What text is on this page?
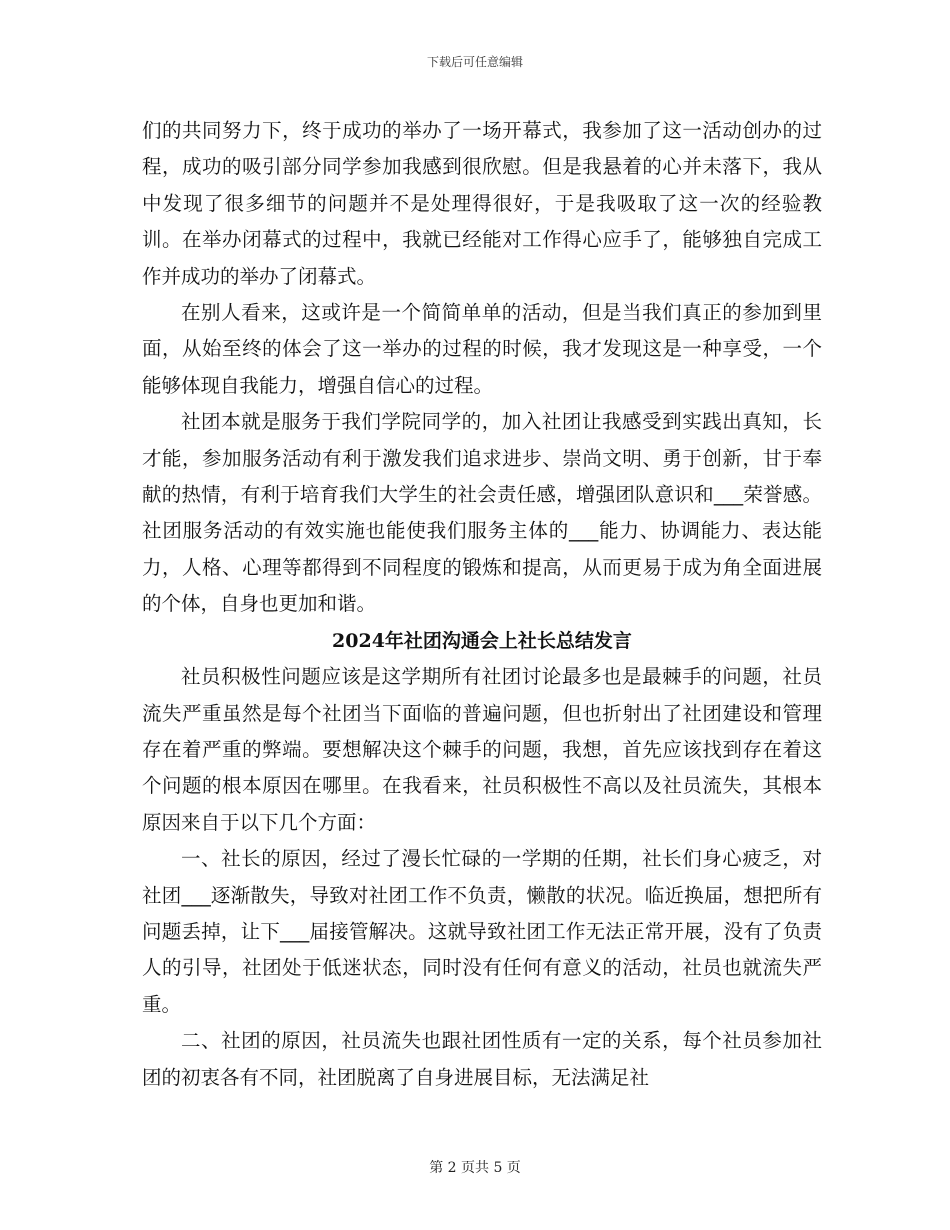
下载后可任意编辑

们的共同努力下，终于成功的举办了一场开幕式，我参加了这一活动创办的过程，成功的吸引部分同学参加我感到很欣慰。但是我悬着的心并未落下，我从中发现了很多细节的问题并不是处理得很好，于是我吸取了这一次的经验教训。在举办闭幕式的过程中，我就已经能对工作得心应手了，能够独自完成工作并成功的举办了闭幕式。

在别人看来，这或许是一个简简单单的活动，但是当我们真正的参加到里面，从始至终的体会了这一举办的过程的时候，我才发现这是一种享受，一个能够体现自我能力，增强自信心的过程。

社团本就是服务于我们学院同学的，加入社团让我感受到实践出真知，长才能，参加服务活动有利于激发我们追求进步、崇尚文明、勇于创新，甘于奉献的热情，有利于培育我们大学生的社会责任感，增强团队意识和___荣誉感。社团服务活动的有效实施也能使我们服务主体的___能力、协调能力、表达能力，人格、心理等都得到不同程度的锻炼和提高，从而更易于成为角全面进展的个体，自身也更加和谐。

2024年社团沟通会上社长总结发言

社员积极性问题应该是这学期所有社团讨论最多也是最棘手的问题，社员流失严重虽然是每个社团当下面临的普遍问题，但也折射出了社团建设和管理存在着严重的弊端。要想解决这个棘手的问题，我想，首先应该找到存在着这个问题的根本原因在哪里。在我看来，社员积极性不高以及社员流失，其根本原因来自于以下几个方面：

一、社长的原因，经过了漫长忙碌的一学期的任期，社长们身心疲乏，对社团___逐渐散失，导致对社团工作不负责，懒散的状况。临近换届，想把所有问题丢掉，让下___届接管解决。这就导致社团工作无法正常开展，没有了负责人的引导，社团处于低迷状态，同时没有任何有意义的活动，社员也就流失严重。

二、社团的原因，社员流失也跟社团性质有一定的关系，每个社员参加社团的初衷各有不同，社团脱离了自身进展目标，无法满足社

第 2 页共 5 页
